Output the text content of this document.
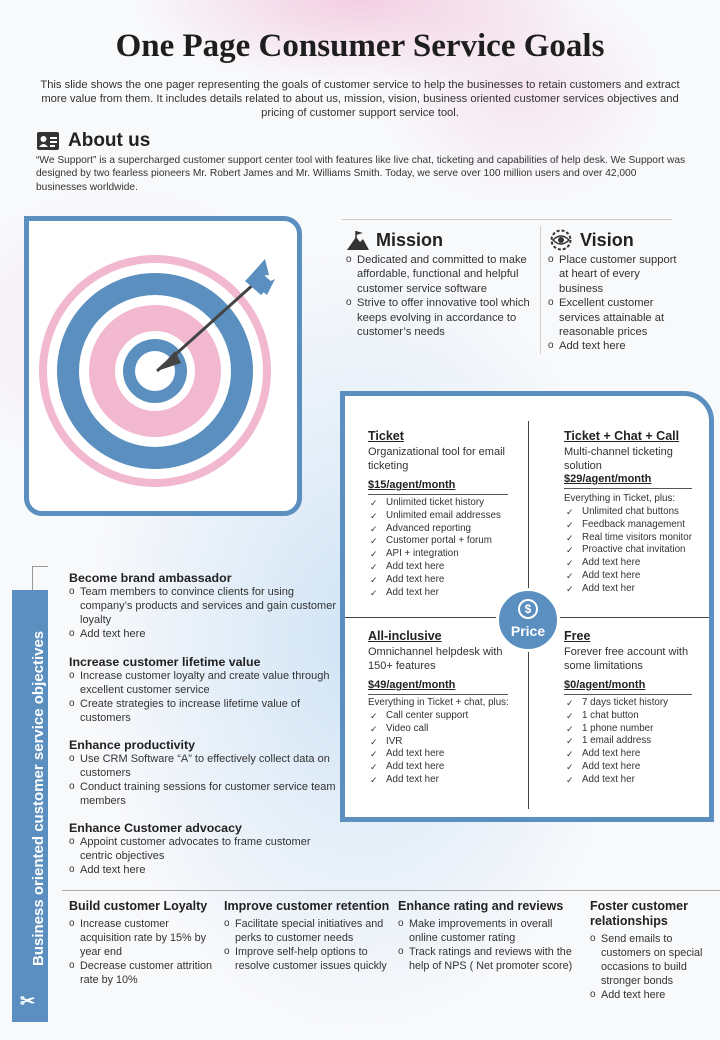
One Page Consumer Service Goals
This slide shows the one pager representing the goals of customer service to help the businesses to retain customers and extract more value from them. It includes details related to about us, mission, vision, business oriented customer services objectives and pricing of customer support service tool.
About us
“We Support” is a supercharged customer support center tool with features like live chat, ticketing and capabilities of help desk. We Support was designed by two fearless pioneers Mr. Robert James and Mr. Williams Smith. Today, we serve over 100 million users and over 42,000 businesses worldwide.
Mission
o Dedicated and committed to make affordable, functional and helpful customer service software
o Strive to offer innovative tool which keeps evolving in accordance to customer’s needs
Vision
o Place customer support at heart of every business
o Excellent customer services attainable at reasonable prices
o Add text here
Ticket
Organizational tool for email ticketing
$15/agent/month
✓ Unlimited ticket history
✓ Unlimited email addresses
✓ Advanced reporting
✓ Customer portal + forum
✓ API + integration
✓ Add text here
✓ Add text here
✓ Add text her
Ticket + Chat + Call
Multi-channel ticketing solution
$29/agent/month
Everything in Ticket, plus:
✓ Unlimited chat buttons
✓ Feedback management
✓ Real time visitors monitor
✓ Proactive chat invitation
✓ Add text here
✓ Add text here
✓ Add text her
All-inclusive
Omnichannel helpdesk with 150+ features
$49/agent/month
Everything in Ticket + chat, plus:
✓ Call center support
✓ Video call
✓ IVR
✓ Add text here
✓ Add text here
✓ Add text her
Free
Forever free account with some limitations
$0/agent/month
✓ 7 days ticket history
✓ 1 chat button
✓ 1 phone number
✓ 1 email address
✓ Add text here
✓ Add text here
✓ Add text her
$
Price
Business oriented customer service objectives
✂
Become brand ambassador
o Team members to convince clients for using company’s products and services and gain customer loyalty
o Add text here
Increase customer lifetime value
o Increase customer loyalty and create value through excellent customer service
o Create strategies to increase lifetime value of customers
Enhance productivity
o Use CRM Software “A” to effectively collect data on customers
o Conduct training sessions for customer service team members
Enhance Customer advocacy
o Appoint customer advocates to frame customer centric objectives
o Add text here
Build customer Loyalty
o Increase customer acquisition rate by 15% by year end
o Decrease customer attrition rate by 10%
Improve customer retention
o Facilitate special initiatives and perks to customer needs
o Improve self-help options to resolve customer issues quickly
Enhance rating and reviews
o Make improvements in overall online customer rating
o Track ratings and reviews with the help of NPS ( Net promoter score)
Foster customer relationships
o Send emails to customers on special occasions to build stronger bonds
o Add text here
